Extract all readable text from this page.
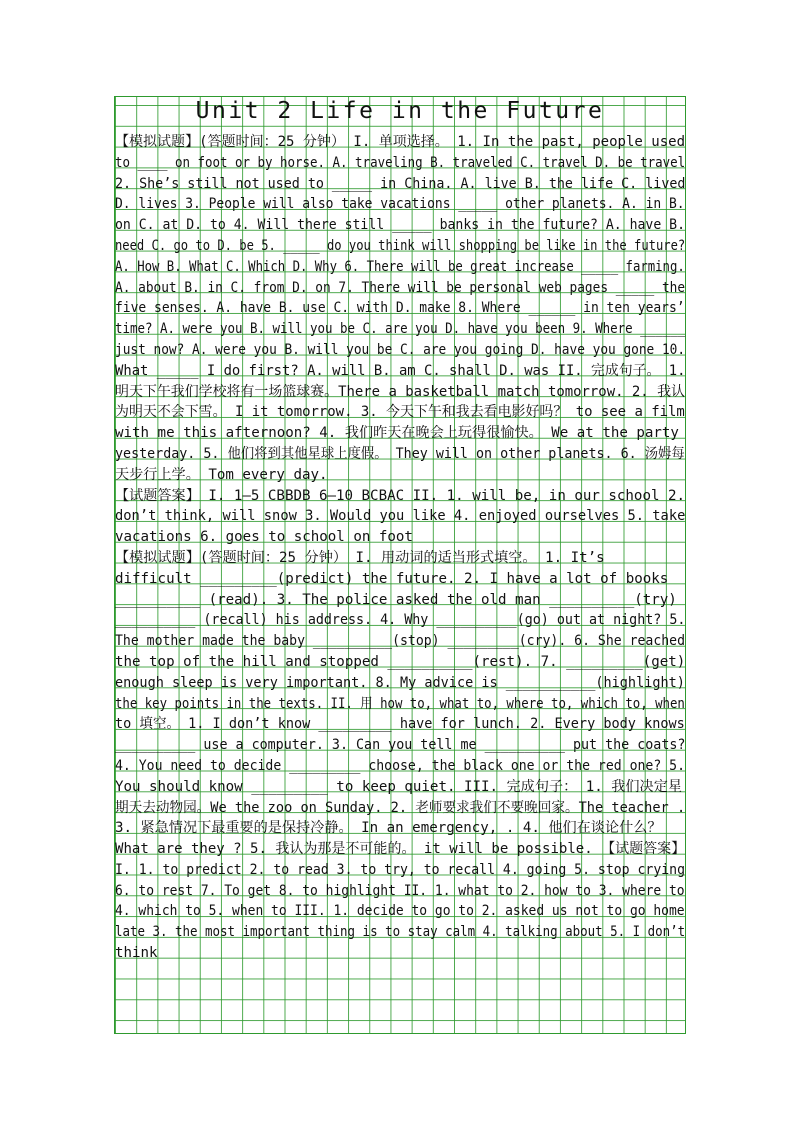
Unit 2 Life in the Future
【模拟试题】(答题时间：25 分钟） I. 单项选择。 1. In the past, people usedto ____ on foot or by horse. A. traveling B. traveled C. travel D. be travel2. She’s still not used to _____ in China. A. live B. the life C. livedD. lives 3. People will also take vacations _____ other planets. A. in B.on C. at D. to 4. Will there still _____ banks in the future? A. have B.need C. go to D. be 5. _____ do you think will shopping be like in the future?A. How B. What C. Which D. Why 6. There will be great increase _____ farming.A. about B. in C. from D. on 7. There will be personal web pages _____ thefive senses. A. have B. use C. with D. make 8. Where ______ in ten years’time? A. were you B. will you be C. are you D. have you been 9. Where ______just now? A. were you B. will you be C. are you going D. have you gone 10.What _____ I do first? A. will B. am C. shall D. was II. 完成句子。 1.明天下午我们学校将有一场篮球赛。There a basketball match tomorrow. 2. 我认为明天不会下雪。 I it tomorrow. 3. 今天下午和我去看电影好吗？ to see a filmwith me this afternoon? 4. 我们昨天在晚会上玩得很愉快。 We at the partyyesterday. 5. 他们将到其他星球上度假。 They will on other planets. 6. 汤姆每天步行上学。 Tom every day.【试题答案】 I. 1—5 CBBDB 6—10 BCBAC II. 1. will be, in our school 2.don’t think, will snow 3. Would you like 4. enjoyed ourselves 5. takevacations 6. goes to school on foot【模拟试题】(答题时间：25 分钟） I. 用动词的适当形式填空。 1. It’sdifficult _________(predict) the future. 2. I have a lot of books__________ (read). 3. The police asked the old man __________(try)__________ (recall) his address. 4. Why __________(go) out at night? 5.The mother made the baby __________(stop) _________(cry). 6. She reachedthe top of the hill and stopped __________(rest). 7. _________(get)enough sleep is very important. 8. My advice is ___________(highlight)the key points in the texts. II. 用 how to, what to, where to, which to, whento 填空。 1. I don’t know _________ have for lunch. 2. Every body knows__________ use a computer. 3. Can you tell me __________ put the coats?4. You need to decide _________ choose, the black one or the red one? 5.You should know _________ to keep quiet. III. 完成句子： 1. 我们决定星期天去动物园。We the zoo on Sunday. 2. 老师要求我们不要晚回家。The teacher .3. 紧急情况下最重要的是保持冷静。 In an emergency, . 4. 他们在谈论什么？What are they ? 5. 我认为那是不可能的。 it will be possible. 【试题答案】I. 1. to predict 2. to read 3. to try, to recall 4. going 5. stop crying6. to rest 7. To get 8. to highlight II. 1. what to 2. how to 3. where to4. which to 5. when to III. 1. decide to go to 2. asked us not to go homelate 3. the most important thing is to stay calm 4. talking about 5. I don’tthink
